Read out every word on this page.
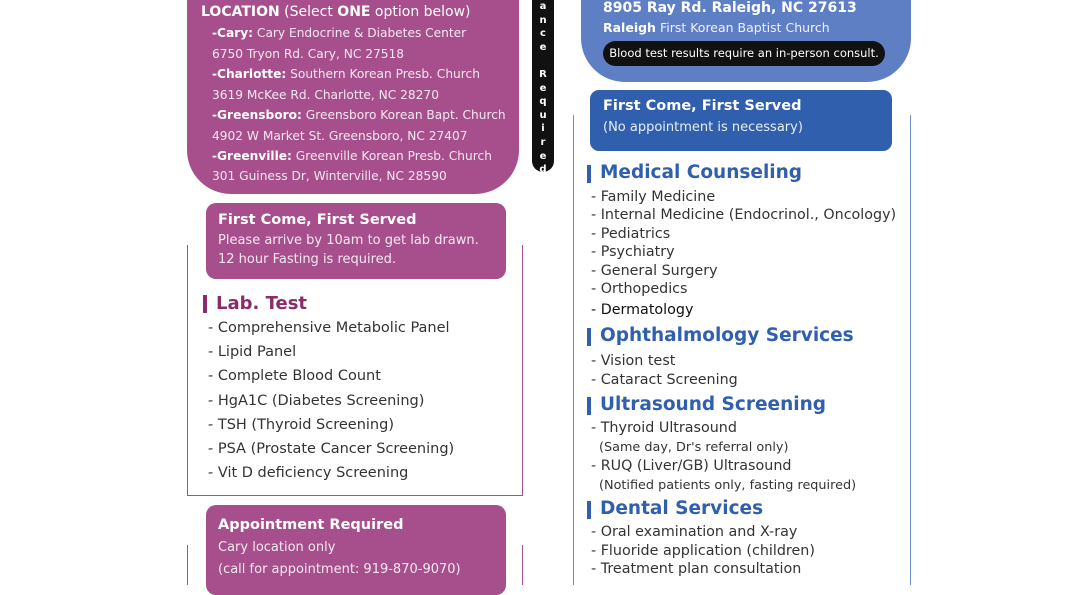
LOCATION (Select ONE option below)
-Cary: Cary Endocrine & Diabetes Center
6750 Tryon Rd. Cary, NC 27518
-Charlotte: Southern Korean Presb. Church
3619 McKee Rd. Charlotte, NC 28270
-Greensboro: Greensboro Korean Bapt. Church
4902 W Market St. Greensboro, NC 27407
-Greenville: Greenville Korean Presb. Church
301 Guiness Dr, Winterville, NC 28590
a
n
c
e
R
e
q
u
i
r
e
d
8905 Ray Rd. Raleigh, NC 27613
Raleigh First Korean Baptist Church
Blood test results require an in-person consult.
First Come, First Served
Please arrive by 10am to get lab drawn.
12 hour Fasting is required.
Lab. Test
- Comprehensive Metabolic Panel
- Lipid Panel
- Complete Blood Count
- HgA1C (Diabetes Screening)
- TSH (Thyroid Screening)
- PSA (Prostate Cancer Screening)
- Vit D deficiency Screening
Appointment Required
Cary location only
(call for appointment: 919-870-9070)
First Come, First Served
(No appointment is necessary)
Medical Counseling
- Family Medicine
- Internal Medicine (Endocrinol., Oncology)
- Pediatrics
- Psychiatry
- General Surgery
- Orthopedics
- Dermatology
Ophthalmology Services
- Vision test
- Cataract Screening
Ultrasound Screening
- Thyroid Ultrasound
(Same day, Dr's referral only)
- RUQ (Liver/GB) Ultrasound
(Notified patients only, fasting required)
Dental Services
- Oral examination and X-ray
- Fluoride application (children)
- Treatment plan consultation
